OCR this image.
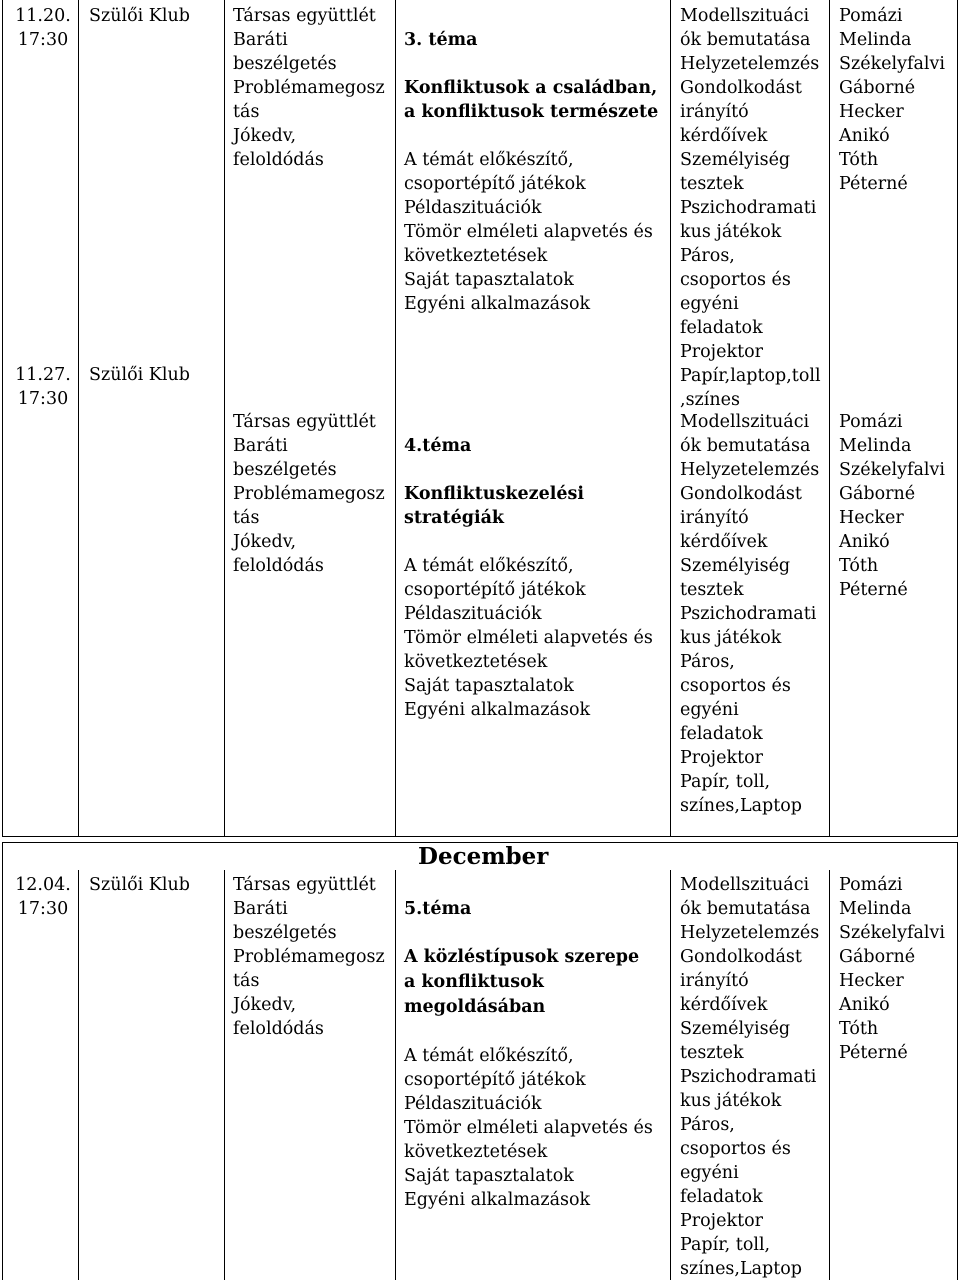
11.20.
17:30
Szülői Klub	Társas együttlét
Baráti
beszélgetés
Problémamegosz
tás
Jókedv,
feloldódás

3. téma

Konfliktusok a családban,
a konfliktusok természete

A témát előkészítő,
csoportépítő játékok
Példaszituációk
Tömör elméleti alapvetés és
következtetések
Saját tapasztalatok
Egyéni alkalmazások

Modellszituáci
ók bemutatása
Helyzetelemzés
Gondolkodást
irányító
kérdőívek
Személyiség
tesztek
Pszichodramati
kus játékok
Páros,
csoportos és
egyéni
feladatok
Projektor
Papír,laptop,toll
,színes
Pomázi
Melinda
Székelyfalvi
Gáborné
Hecker
Anikó
Tóth
Péterné
11.27.
17:30
Szülői Klub
Társas együttlét
Baráti
beszélgetés
Problémamegosz
tás
Jókedv,
feloldódás

4.téma

Konfliktuskezelési
stratégiák

A témát előkészítő,
csoportépítő játékok
Példaszituációk
Tömör elméleti alapvetés és
következtetések
Saját tapasztalatok
Egyéni alkalmazások

Modellszituáci
ók bemutatása
Helyzetelemzés
Gondolkodást
irányító
kérdőívek
Személyiség
tesztek
Pszichodramati
kus játékok
Páros,
csoportos és
egyéni
feladatok
Projektor
Papír, toll,
színes,Laptop
Pomázi
Melinda
Székelyfalvi
Gáborné
Hecker
Anikó
Tóth
Péterné
December
12.04.
17:30
Szülői Klub	Társas együttlét
Baráti
beszélgetés
Problémamegosz
tás
Jókedv,
feloldódás

5.téma

A közléstípusok szerepe
a konfliktusok
megoldásában

A témát előkészítő,
csoportépítő játékok
Példaszituációk
Tömör elméleti alapvetés és
következtetések
Saját tapasztalatok
Egyéni alkalmazások

Modellszituáci
ók bemutatása
Helyzetelemzés
Gondolkodást
irányító
kérdőívek
Személyiség
tesztek
Pszichodramati
kus játékok
Páros,
csoportos és
egyéni
feladatok
Projektor
Papír, toll,
színes,Laptop
Pomázi
Melinda
Székelyfalvi
Gáborné
Hecker
Anikó
Tóth
Péterné
